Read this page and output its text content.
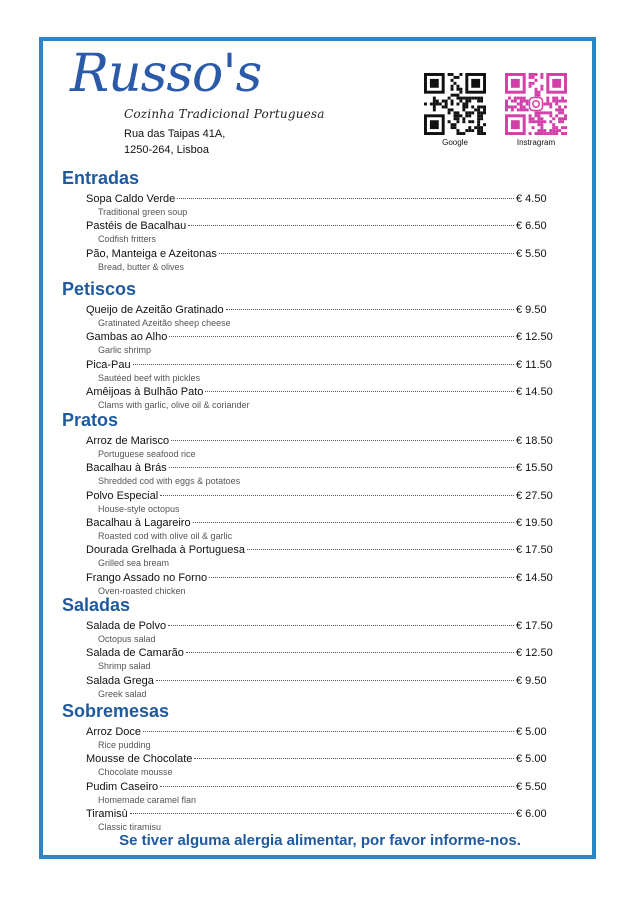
Russo's
Cozinha Tradicional Portuguesa
Rua das Taipas 41A,
1250-264, Lisboa
Google	Instragram
Entradas
Sopa Caldo Verde	€ 4.50
Traditional green soup
Pastéis de Bacalhau	€ 6.50
Codfish fritters
Pão, Manteiga e Azeitonas	€ 5.50
Bread, butter & olives
Petiscos
Queijo de Azeitão Gratinado	€ 9.50
Gratinated Azeitão sheep cheese
Gambas ao Alho	€ 12.50
Garlic shrimp
Pica-Pau	€ 11.50
Sautéed beef with pickles
Amêijoas à Bulhão Pato	€ 14.50
Clams with garlic, olive oil & coriander
Pratos
Arroz de Marisco	€ 18.50
Portuguese seafood rice
Bacalhau à Brás	€ 15.50
Shredded cod with eggs & potatoes
Polvo Especial	€ 27.50
House-style octopus
Bacalhau à Lagareiro	€ 19.50
Roasted cod with olive oil & garlic
Dourada Grelhada à Portuguesa	€ 17.50
Grilled sea bream
Frango Assado no Forno	€ 14.50
Oven-roasted chicken
Saladas
Salada de Polvo	€ 17.50
Octopus salad
Salada de Camarão	€ 12.50
Shrimp salad
Salada Grega	€ 9.50
Greek salad
Sobremesas
Arroz Doce	€ 5.00
Rice pudding
Mousse de Chocolate	€ 5.00
Chocolate mousse
Pudim Caseiro	€ 5.50
Homemade caramel flan
Tiramisù	€ 6.00
Classic tiramisu
Se tiver alguma alergia alimentar, por favor informe-nos.
